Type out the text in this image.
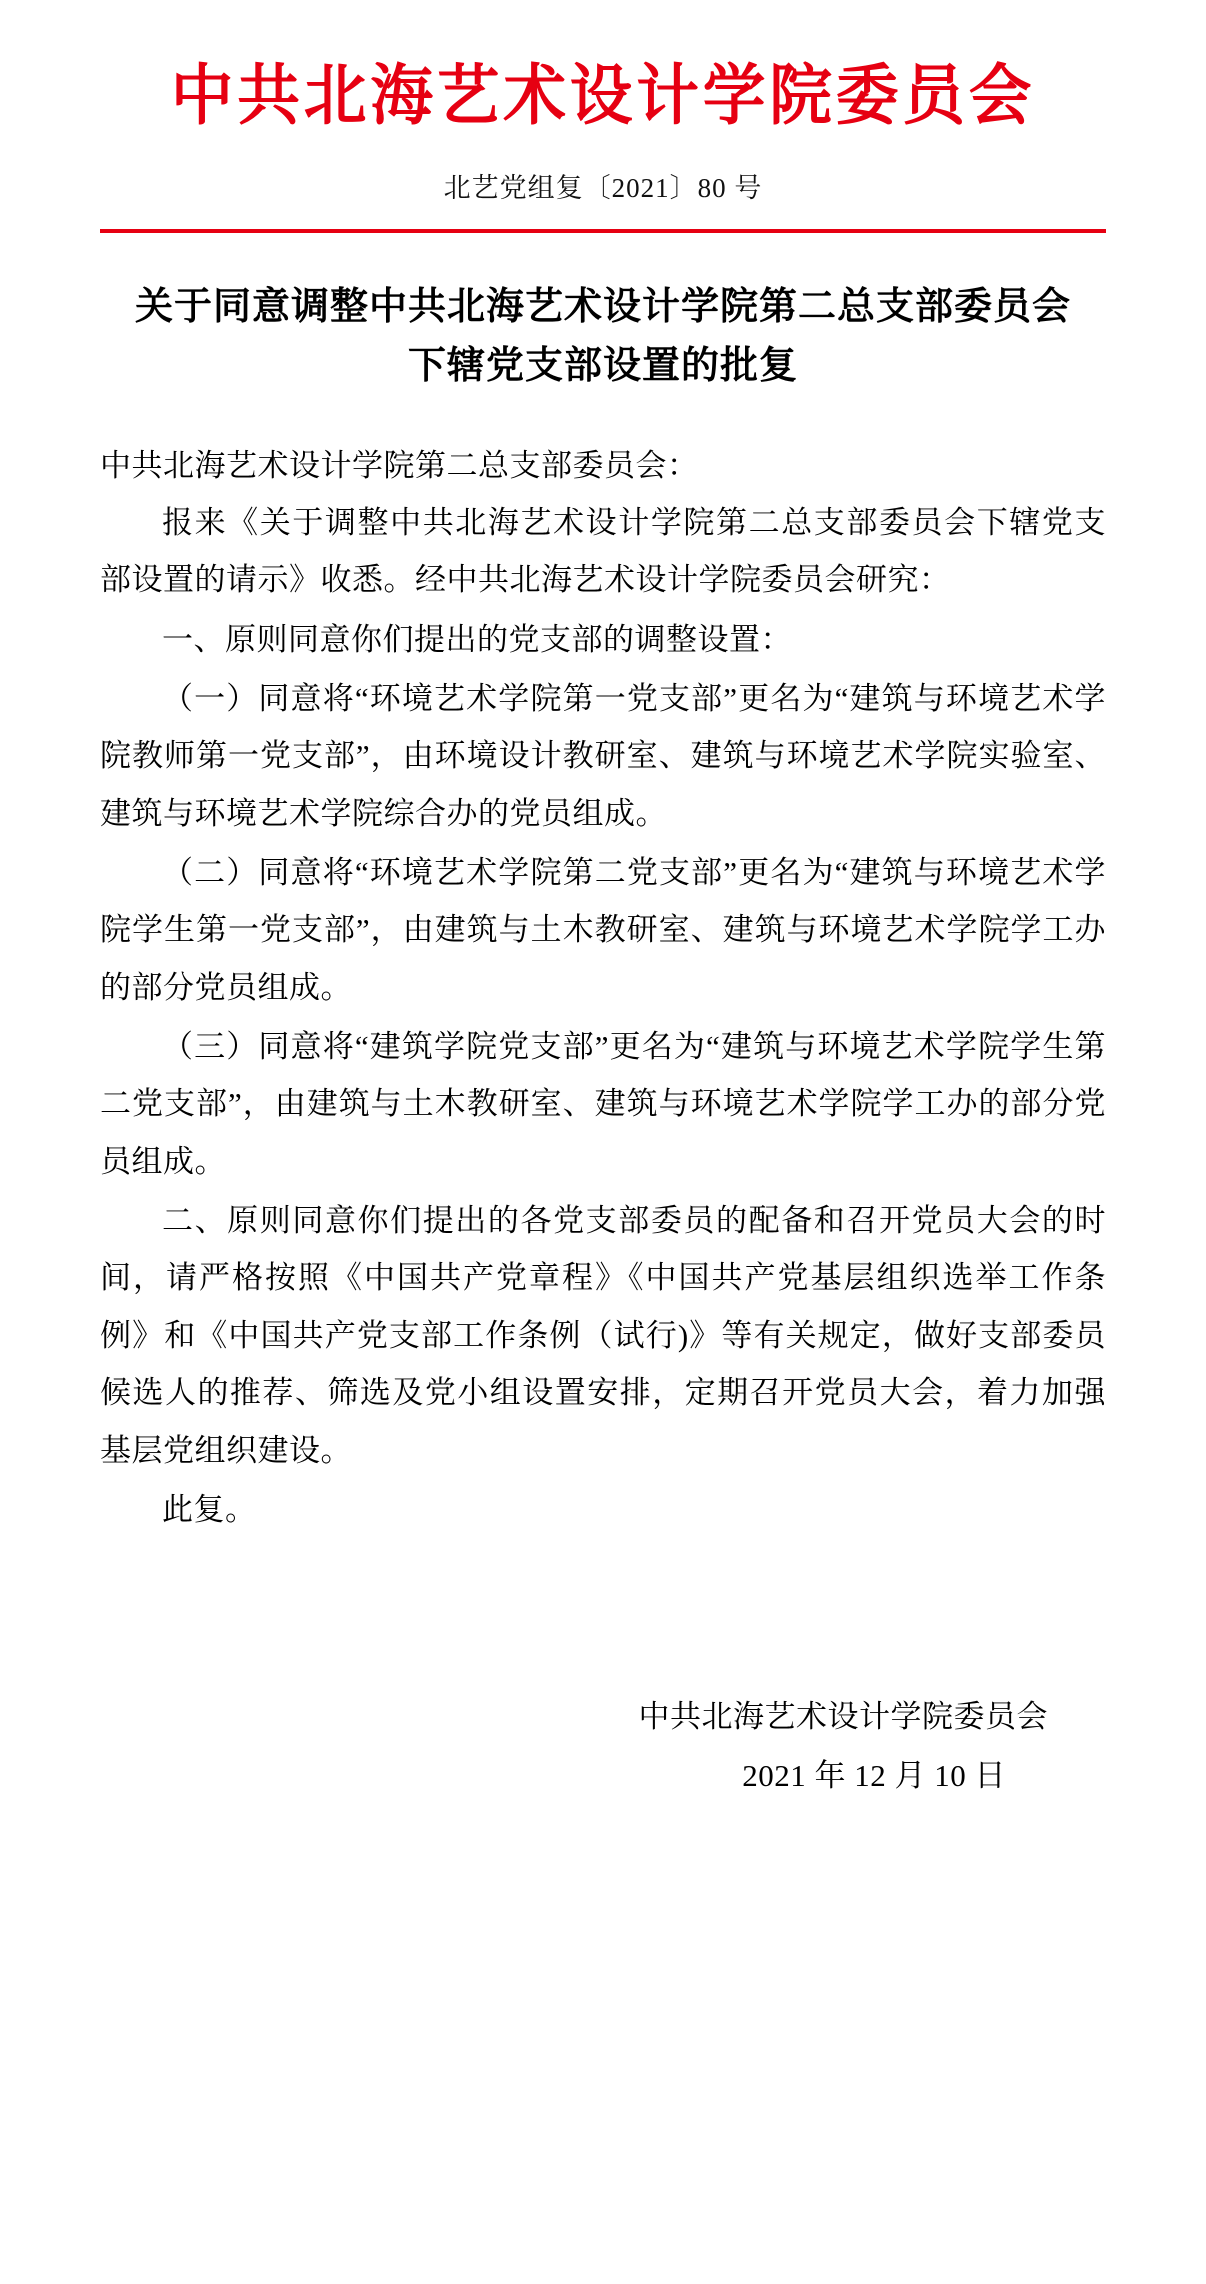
中共北海艺术设计学院委员会
北艺党组复〔2021〕80 号
关于同意调整中共北海艺术设计学院第二总支部委员会下辖党支部设置的批复
中共北海艺术设计学院第二总支部委员会：

报来《关于调整中共北海艺术设计学院第二总支部委员会下辖党支部设置的请示》收悉。经中共北海艺术设计学院委员会研究：

一、原则同意你们提出的党支部的调整设置：

（一）同意将“环境艺术学院第一党支部”更名为“建筑与环境艺术学院教师第一党支部”，由环境设计教研室、建筑与环境艺术学院实验室、建筑与环境艺术学院综合办的党员组成。

（二）同意将“环境艺术学院第二党支部”更名为“建筑与环境艺术学院学生第一党支部”，由建筑与土木教研室、建筑与环境艺术学院学工办的部分党员组成。

（三）同意将“建筑学院党支部”更名为“建筑与环境艺术学院学生第二党支部”，由建筑与土木教研室、建筑与环境艺术学院学工办的部分党员组成。

二、原则同意你们提出的各党支部委员的配备和召开党员大会的时间，请严格按照《中国共产党章程》《中国共产党基层组织选举工作条例》和《中国共产党支部工作条例（试行)》等有关规定，做好支部委员候选人的推荐、筛选及党小组设置安排，定期召开党员大会，着力加强基层党组织建设。

此复。

中共北海艺术设计学院委员会
2021 年 12 月 10 日
